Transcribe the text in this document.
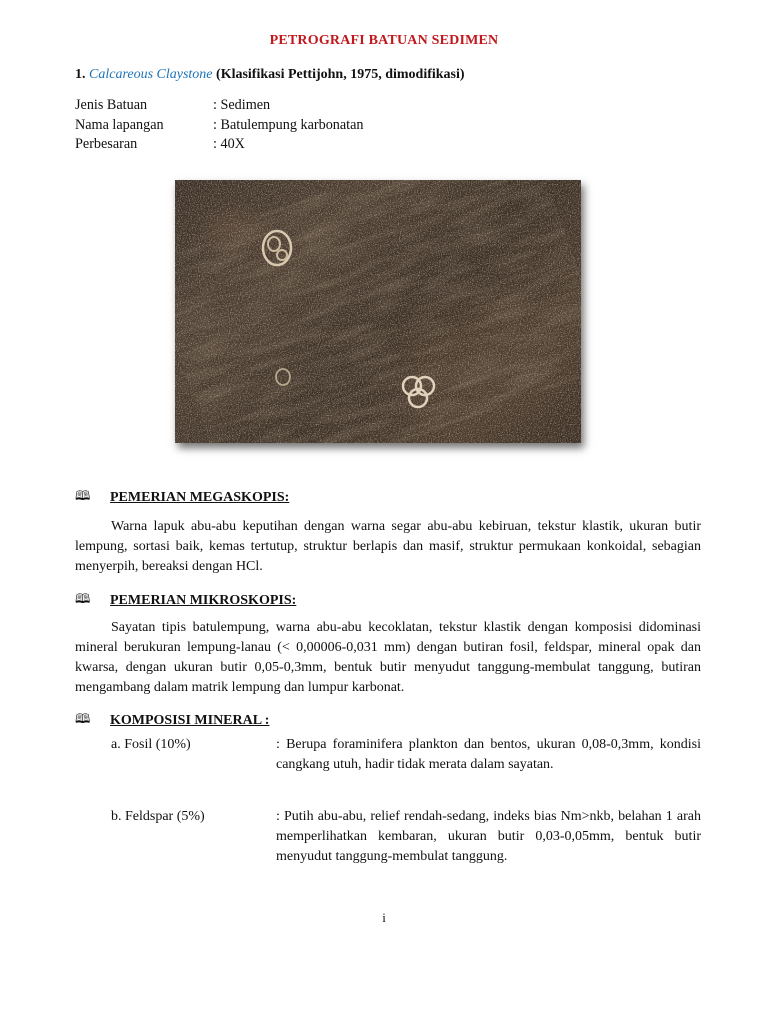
PETROGRAFI BATUAN SEDIMEN
1. Calcareous Claystone (Klasifikasi Pettijohn, 1975, dimodifikasi)
Jenis Batuan	: Sedimen
Nama lapangan	: Batulempung karbonatan
Perbesaran	: 40X
🕮	PEMERIAN MEGASKOPIS:
Warna lapuk abu-abu keputihan dengan warna segar abu-abu kebiruan, tekstur klastik, ukuran butir lempung, sortasi baik, kemas tertutup, struktur berlapis dan masif, struktur permukaan konkoidal, sebagian menyerpih, bereaksi dengan HCl.
🕮	PEMERIAN MIKROSKOPIS:
Sayatan tipis batulempung, warna abu-abu kecoklatan, tekstur klastik dengan komposisi didominasi mineral berukuran lempung-lanau (< 0,00006-0,031 mm) dengan butiran fosil, feldspar, mineral opak dan kwarsa, dengan ukuran butir 0,05-0,3mm, bentuk butir menyudut tanggung-membulat tanggung, butiran mengambang dalam matrik lempung dan lumpur karbonat.
🕮	KOMPOSISI MINERAL :
a. Fosil (10%)	: Berupa foraminifera plankton dan bentos, ukuran 0,08-0,3mm, kondisi cangkang utuh, hadir tidak merata dalam sayatan.
b. Feldspar (5%)	: Putih abu-abu, relief rendah-sedang, indeks bias Nm>nkb, belahan 1 arah memperlihatkan kembaran, ukuran butir 0,03-0,05mm, bentuk butir menyudut tanggung-membulat tanggung.
i
